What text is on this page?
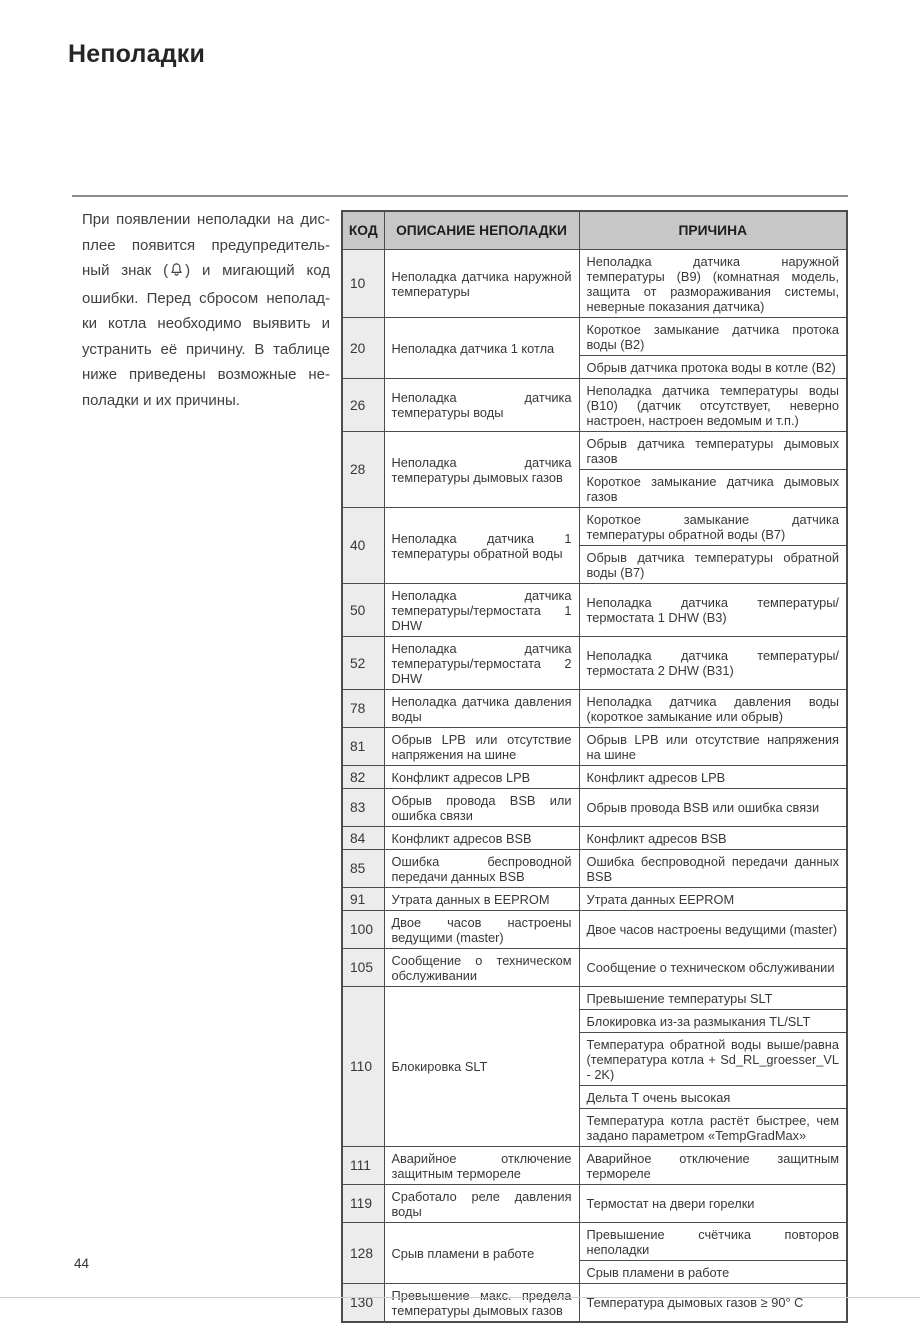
Неполадки
При появлении неполадки на дис-
плее появится предупредитель-
ный знак ( ) и мигающий код
ошибки. Перед сбросом неполад-
ки котла необходимо выявить и
устранить её причину. В таблице
ниже приведены возможные не-
поладки и их причины.
КОД	ОПИСАНИЕ НЕПОЛАДКИ	ПРИЧИНА
10	Неполадка датчика наружной температуры	Неполадка датчика наружной температуры (B9) (комнатная модель, защита от размораживания системы, неверные показания датчика)
20	Неполадка датчика 1 котла	Короткое замыкание датчика протока воды (B2)
		Обрыв датчика протока воды в котле (B2)
26	Неполадка датчика температуры воды	Неполадка датчика температуры воды (B10) (датчик отсутствует, неверно настроен, настроен ведомым и т.п.)
28	Неполадка датчика температуры дымовых газов	Обрыв датчика температуры дымовых газов
		Короткое замыкание датчика дымовых газов
40	Неполадка датчика 1 температуры обратной воды	Короткое замыкание датчика температуры обратной воды (B7)
		Обрыв датчика температуры обратной воды (B7)
50	Неполадка датчика температуры/термостата 1 DHW	Неполадка датчика температуры/термостата 1 DHW (B3)
52	Неполадка датчика температуры/термостата 2 DHW	Неполадка датчика температуры/термостата 2 DHW (B31)
78	Неполадка датчика давления воды	Неполадка датчика давления воды (короткое замыкание или обрыв)
81	Обрыв LPB или отсутствие напряжения на шине	Обрыв LPB или отсутствие напряжения на шине
82	Конфликт адресов LPB	Конфликт адресов LPB
83	Обрыв провода BSB или ошибка связи	Обрыв провода BSB или ошибка связи
84	Конфликт адресов BSB	Конфликт адресов BSB
85	Ошибка беспроводной передачи данных BSB	Ошибка беспроводной передачи данных BSB
91	Утрата данных в EEPROM	Утрата данных EEPROM
100	Двое часов настроены ведущими (master)	Двое часов настроены ведущими (master)
105	Сообщение о техническом обслуживании	Сообщение о техническом обслуживании
110	Блокировка SLT	Превышение температуры SLT
		Блокировка из-за размыкания TL/SLT
		Температура обратной воды выше/равна (температура котла + Sd_RL_groesser_VL - 2K)
		Дельта Т очень высокая
		Температура котла растёт быстрее, чем задано параметром «TempGradMax»
111	Аварийное отключение защитным термореле	Аварийное отключение защитным термореле
119	Сработало реле давления воды	Термостат на двери горелки
128	Срыв пламени в работе	Превышение счётчика повторов неполадки
		Срыв пламени в работе
130	Превышение макс. предела температуры дымовых газов	Температура дымовых газов ≥ 90° C
44
